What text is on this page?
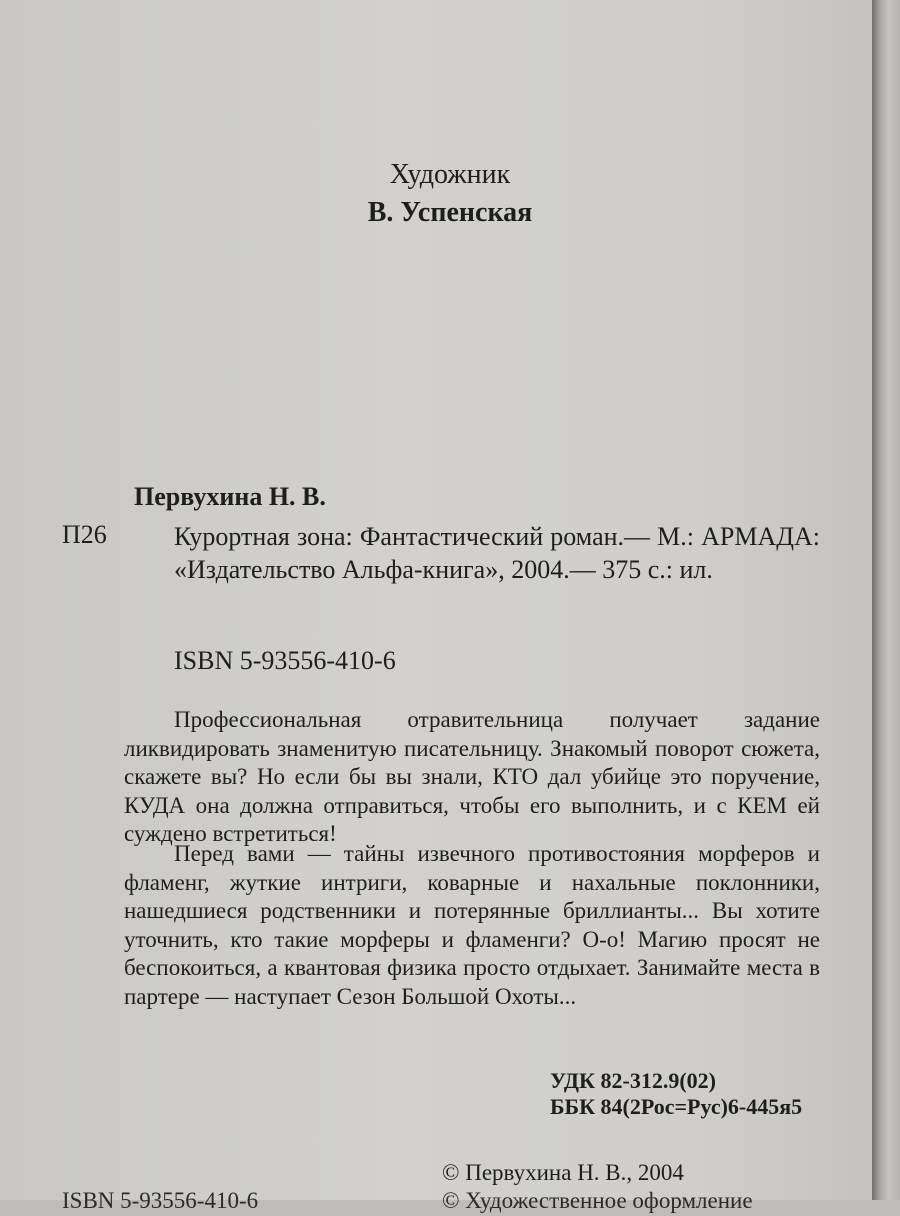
Художник
В. Успенская
Первухина Н. В.
П26	Курортная зона: Фантастический роман.— М.: АРМАДА: «Издательство Альфа-книга», 2004.— 375 с.: ил.
ISBN 5-93556-410-6
Профессиональная отравительница получает задание ликвидировать знаменитую писательницу. Знакомый поворот сюжета, скажете вы? Но если бы вы знали, КТО дал убийце это поручение, КУДА она должна отправиться, чтобы его выполнить, и с КЕМ ей суждено встретиться!
Перед вами — тайны извечного противостояния морферов и фламенг, жуткие интриги, коварные и нахальные поклонники, нашедшиеся родственники и потерянные бриллианты... Вы хотите уточнить, кто такие морферы и фламенги? О-о! Магию просят не беспокоиться, а квантовая физика просто отдыхает. Занимайте места в партере — наступает Сезон Большой Охоты...
УДК 82-312.9(02)
ББК 84(2Рос=Рус)6-445я5
© Первухина Н. В., 2004
ISBN 5-93556-410-6	© Художественное оформление
